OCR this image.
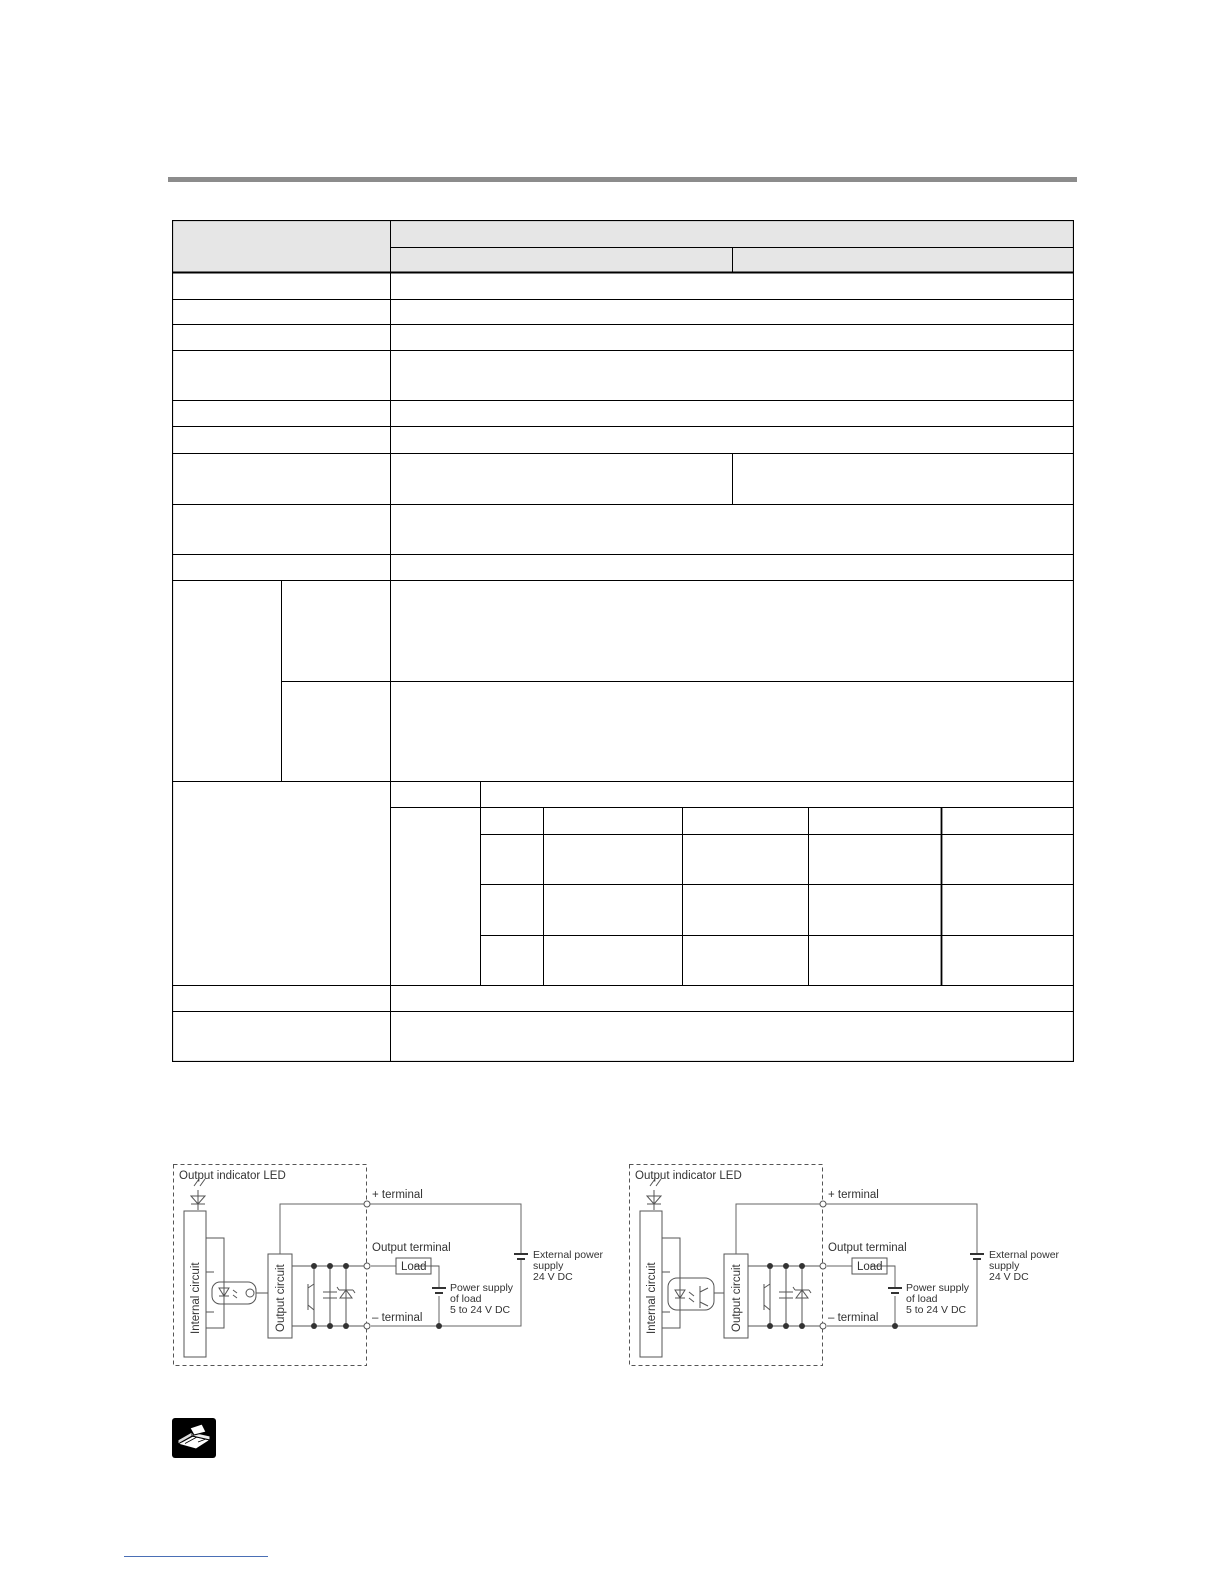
Output indicator LED
Internal circuit	Output circuit
+ terminal
Output terminal
Load
– terminal
Power supply
of load
5 to 24 V DC
External power
supply
24 V DC
Output indicator LED
Internal circuit	Output circuit
+ terminal
Output terminal
Load
– terminal
Power supply
of load
5 to 24 V DC
External power
supply
24 V DC
